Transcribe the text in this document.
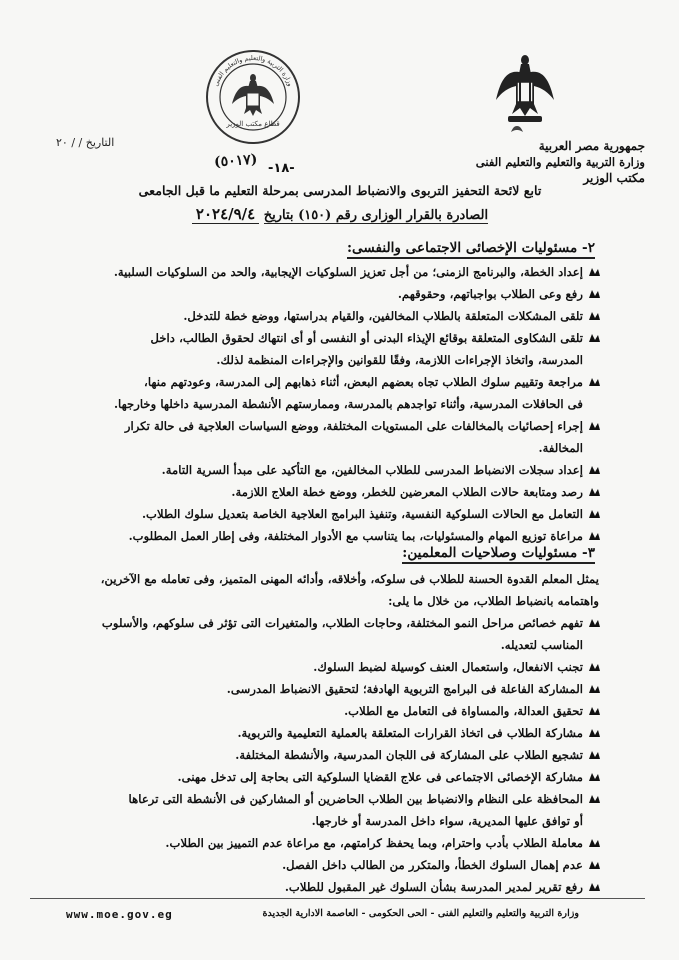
قطاع مكتب الوزير
وزارة التربية والتعليم والتعليم الفنى
جمهورية مصر العربية
وزارة التربية والتعليم والتعليم الفنى
مكتب الوزير
التاريخ / / ٢٠
(٥٠١٧)
-١٨-
تابع لائحة التحفيز التربوى والانضباط المدرسى بمرحلة التعليم ما قبل الجامعى
الصادرة بالقرار الوزارى رقم (١٥٠) بتاريخ ٢٠٢٤/٩/٤
٢- مسئوليات الإخصائى الاجتماعى والنفسى:
إعداد الخطة، والبرنامج الزمنى؛ من أجل تعزيز السلوكيات الإيجابية، والحد من السلوكيات السلبية.
رفع وعى الطلاب بواجباتهم، وحقوقهم.
تلقى المشكلات المتعلقة بالطلاب المخالفين، والقيام بدراستها، ووضع خطة للتدخل.
تلقى الشكاوى المتعلقة بوقائع الإيذاء البدنى أو النفسى أو أى انتهاك لحقوق الطالب، داخل
المدرسة، واتخاذ الإجراءات اللازمة، وفقًا للقوانين والإجراءات المنظمة لذلك.
مراجعة وتقييم سلوك الطلاب تجاه بعضهم البعض، أثناء ذهابهم إلى المدرسة، وعودتهم منها،
فى الحافلات المدرسية، وأثناء تواجدهم بالمدرسة، وممارستهم الأنشطة المدرسية داخلها وخارجها.
إجراء إحصائيات بالمخالفات على المستويات المختلفة، ووضع السياسات العلاجية فى حالة تكرار
المخالفة.
إعداد سجلات الانضباط المدرسى للطلاب المخالفين، مع التأكيد على مبدأ السرية التامة.
رصد ومتابعة حالات الطلاب المعرضين للخطر، ووضع خطة العلاج اللازمة.
التعامل مع الحالات السلوكية النفسية، وتنفيذ البرامج العلاجية الخاصة بتعديل سلوك الطلاب.
مراعاة توزيع المهام والمسئوليات، بما يتناسب مع الأدوار المختلفة، وفى إطار العمل المطلوب.
٣- مسئوليات وصلاحيات المعلمين:
يمثل المعلم القدوة الحسنة للطلاب فى سلوكه، وأخلاقه، وأدائه المهنى المتميز، وفى تعامله مع الآخرين،
واهتمامه بانضباط الطلاب، من خلال ما يلى:
تفهم خصائص مراحل النمو المختلفة، وحاجات الطلاب، والمتغيرات التى تؤثر فى سلوكهم، والأسلوب
المناسب لتعديله.
تجنب الانفعال، واستعمال العنف كوسيلة لضبط السلوك.
المشاركة الفاعلة فى البرامج التربوية الهادفة؛ لتحقيق الانضباط المدرسى.
تحقيق العدالة، والمساواة فى التعامل مع الطلاب.
مشاركة الطلاب فى اتخاذ القرارات المتعلقة بالعملية التعليمية والتربوية.
تشجيع الطلاب على المشاركة فى اللجان المدرسية، والأنشطة المختلفة.
مشاركة الإخصائى الاجتماعى فى علاج القضايا السلوكية التى بحاجة إلى تدخل مهنى.
المحافظة على النظام والانضباط بين الطلاب الحاضرين أو المشاركين فى الأنشطة التى ترعاها
أو توافق عليها المديرية، سواء داخل المدرسة أو خارجها.
معاملة الطلاب بأدب واحترام، وبما يحفظ كرامتهم، مع مراعاة عدم التمييز بين الطلاب.
عدم إهمال السلوك الخطأ، والمتكرر من الطالب داخل الفصل.
رفع تقرير لمدير المدرسة بشأن السلوك غير المقبول للطلاب.
www.moe.gov.eg	وزارة التربية والتعليم والتعليم الفنى - الحى الحكومى - العاصمة الادارية الجديدة
